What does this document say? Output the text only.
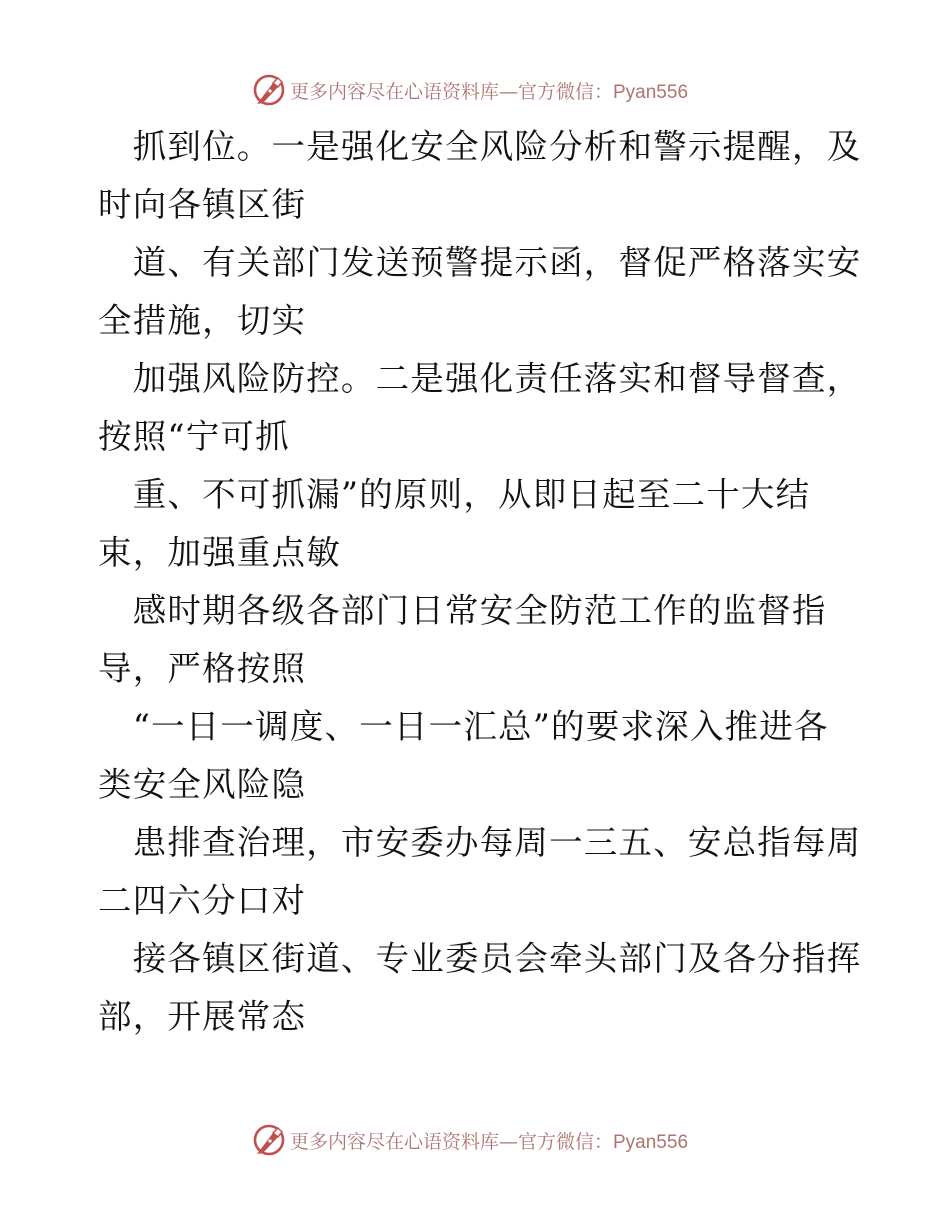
更多内容尽在心语资料库—官方微信：Pyan556
　抓到位。一是强化安全风险分析和警示提醒，及
时向各镇区街
　道、有关部门发送预警提示函，督促严格落实安
全措施，切实
　加强风险防控。二是强化责任落实和督导督查，
按照“宁可抓
　重、不可抓漏”的原则，从即日起至二十大结
束，加强重点敏
　感时期各级各部门日常安全防范工作的监督指
导，严格按照
　“一日一调度、一日一汇总”的要求深入推进各
类安全风险隐
　患排查治理，市安委办每周一三五、安总指每周
二四六分口对
　接各镇区街道、专业委员会牵头部门及各分指挥
部，开展常态
更多内容尽在心语资料库—官方微信：Pyan556
